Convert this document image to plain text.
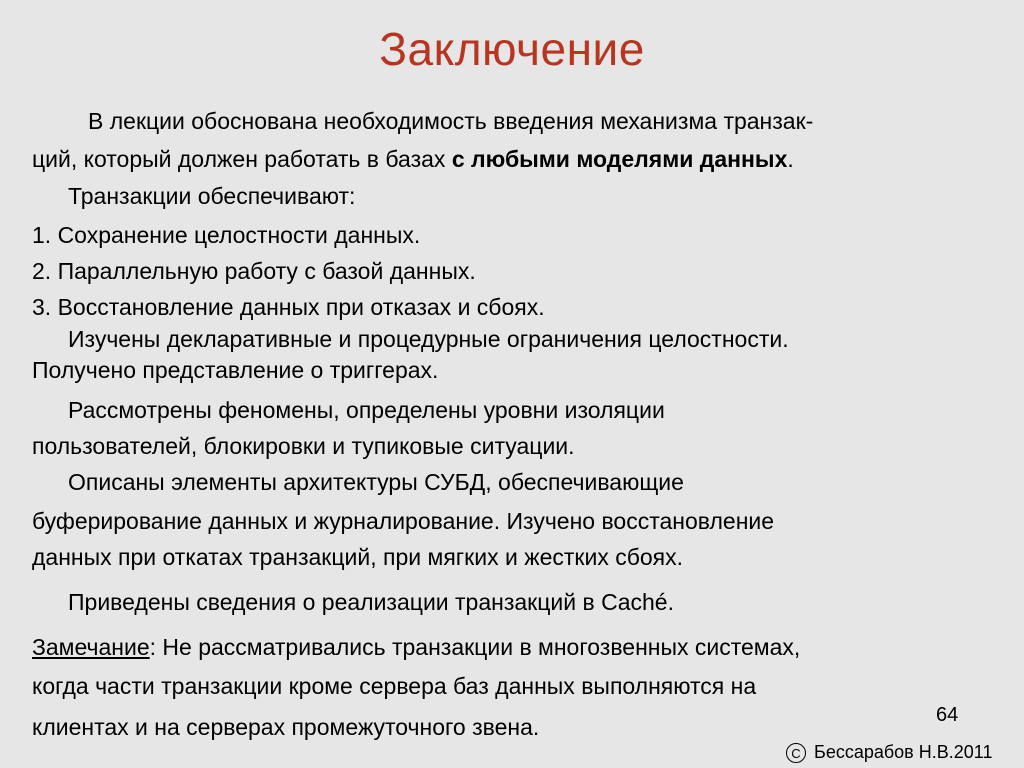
Заключение
В лекции обоснована необходимость введения механизма транзак-
ций, который должен работать в базах с любыми моделями данных.
Транзакции обеспечивают:
1. Сохранение целостности данных.
2. Параллельную работу с базой данных.
3. Восстановление данных при отказах и сбоях.
Изучены декларативные и процедурные ограничения целостности.
Получено представление о триггерах.
Рассмотрены феномены, определены уровни изоляции
пользователей, блокировки и тупиковые ситуации.
Описаны элементы архитектуры СУБД, обеспечивающие
буферирование данных и журналирование. Изучено восстановление
данных при откатах транзакций, при мягких и жестких сбоях.
Приведены сведения о реализации транзакций в Caché.
Замечание: Не рассматривались транзакции в многозвенных системах,
когда части транзакции кроме сервера баз данных выполняются на
клиентах и на серверах промежуточного звена.	64
C Бессарабов Н.В.2011
